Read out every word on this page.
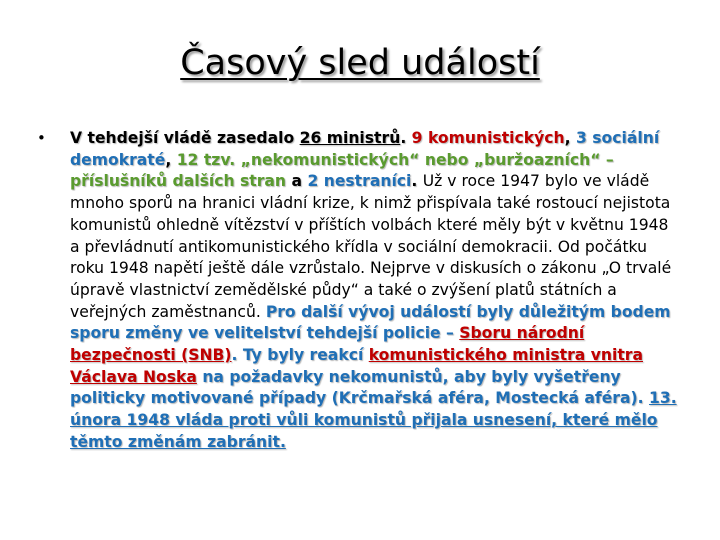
Časový sled událostí
• V tehdejší vládě zasedalo 26 ministrů. 9 komunistických, 3 sociální demokraté, 12 tzv. „nekomunistických“ nebo „buržoazních“ – příslušníků dalších stran a 2 nestraníci. Už v roce 1947 bylo ve vládě mnoho sporů na hranici vládní krize, k nimž přispívala také rostoucí nejistota komunistů ohledně vítězství v příštích volbách které měly být v květnu 1948 a převládnutí antikomunistického křídla v sociální demokracii. Od počátku roku 1948 napětí ještě dále vzrůstalo. Nejprve v diskusích o zákonu „O trvalé úpravě vlastnictví zemědělské půdy“ a také o zvýšení platů státních a veřejných zaměstnanců. Pro další vývoj událostí byly důležitým bodem sporu změny ve velitelství tehdejší policie – Sboru národní bezpečnosti (SNB). Ty byly reakcí komunistického ministra vnitra Václava Noska na požadavky nekomunistů, aby byly vyšetřeny politicky motivované případy (Krčmařská aféra, Mostecká aféra). 13. února 1948 vláda proti vůli komunistů přijala usnesení, které mělo těmto změnám zabránit.
